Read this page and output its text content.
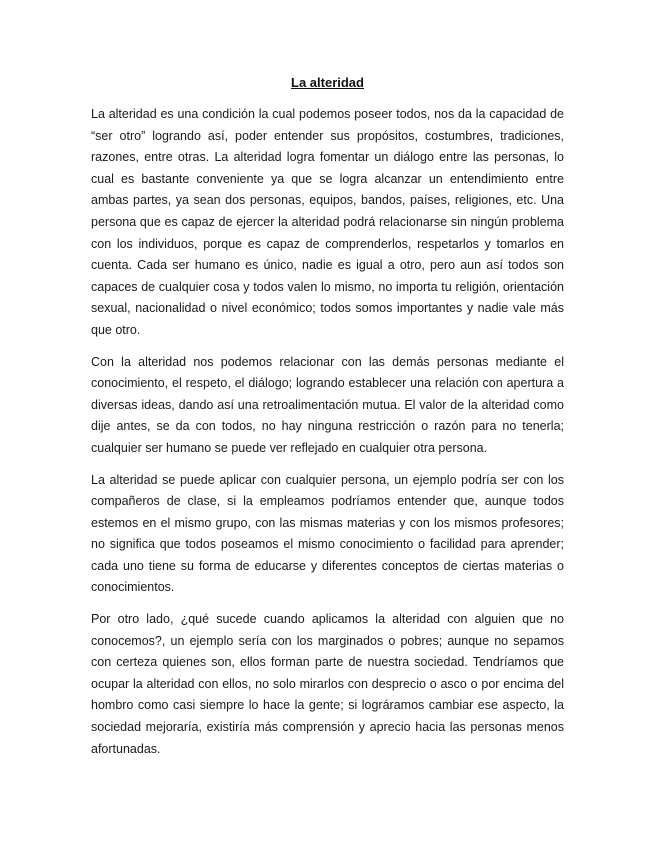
La alteridad

La alteridad es una condición la cual podemos poseer todos, nos da la capacidad de “ser otro” logrando así, poder entender sus propósitos, costumbres, tradiciones, razones, entre otras. La alteridad logra fomentar un diálogo entre las personas, lo cual es bastante conveniente ya que se logra alcanzar un entendimiento entre ambas partes, ya sean dos personas, equipos, bandos, países, religiones, etc. Una persona que es capaz de ejercer la alteridad podrá relacionarse sin ningún problema con los individuos, porque es capaz de comprenderlos, respetarlos y tomarlos en cuenta. Cada ser humano es único, nadie es igual a otro, pero aun así todos son capaces de cualquier cosa y todos valen lo mismo, no importa tu religión, orientación sexual, nacionalidad o nivel económico; todos somos importantes y nadie vale más que otro.

Con la alteridad nos podemos relacionar con las demás personas mediante el conocimiento, el respeto, el diálogo; logrando establecer una relación con apertura a diversas ideas, dando así una retroalimentación mutua. El valor de la alteridad como dije antes, se da con todos, no hay ninguna restricción o razón para no tenerla; cualquier ser humano se puede ver reflejado en cualquier otra persona.

La alteridad se puede aplicar con cualquier persona, un ejemplo podría ser con los compañeros de clase, si la empleamos podríamos entender que, aunque todos estemos en el mismo grupo, con las mismas materias y con los mismos profesores; no significa que todos poseamos el mismo conocimiento o facilidad para aprender; cada uno tiene su forma de educarse y diferentes conceptos de ciertas materias o conocimientos.

Por otro lado, ¿qué sucede cuando aplicamos la alteridad con alguien que no conocemos?, un ejemplo sería con los marginados o pobres; aunque no sepamos con certeza quienes son, ellos forman parte de nuestra sociedad. Tendríamos que ocupar la alteridad con ellos, no solo mirarlos con desprecio o asco o por encima del hombro como casi siempre lo hace la gente; si lográramos cambiar ese aspecto, la sociedad mejoraría, existiría más comprensión y aprecio hacia las personas menos afortunadas.
